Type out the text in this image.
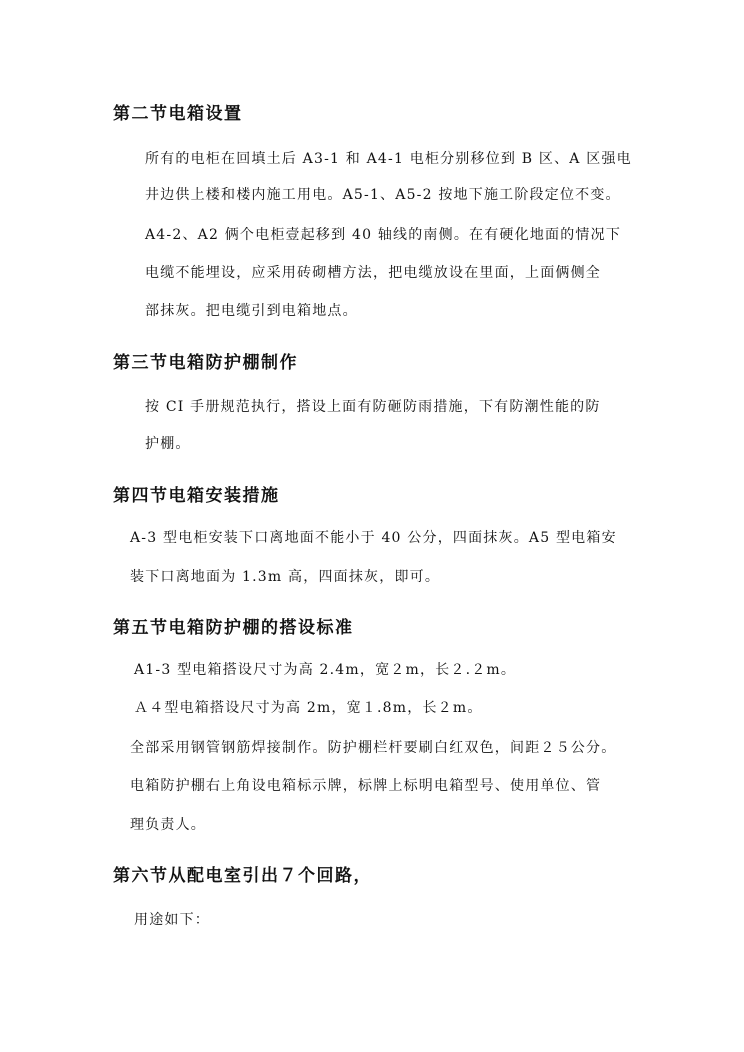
第二节电箱设置
所有的电柜在回填土后 A3-1 和 A4-1 电柜分别移位到 B 区、A 区强电
井边供上楼和楼内施工用电。A5-1、A5-2 按地下施工阶段定位不变。
A4-2、A2 俩个电柜壹起移到 40 轴线的南侧。在有硬化地面的情况下
电缆不能埋设，应采用砖砌槽方法，把电缆放设在里面，上面俩侧全
部抹灰。把电缆引到电箱地点。
第三节电箱防护棚制作
按 CI 手册规范执行，搭设上面有防砸防雨措施，下有防潮性能的防
护棚。
第四节电箱安装措施
A-3 型电柜安装下口离地面不能小于 40 公分，四面抹灰。A5 型电箱安
装下口离地面为 1.3m 高，四面抹灰，即可。
第五节电箱防护棚的搭设标准
A1-3 型电箱搭设尺寸为高 2.4m，宽２m，长２.２m。
Ａ４型电箱搭设尺寸为高 2m，宽１.8m，长２m。
全部采用钢管钢筋焊接制作。防护棚栏杆要刷白红双色，间距２５公分。
电箱防护棚右上角设电箱标示牌，标牌上标明电箱型号、使用单位、管
理负责人。
第六节从配电室引出７个回路，
用途如下：
